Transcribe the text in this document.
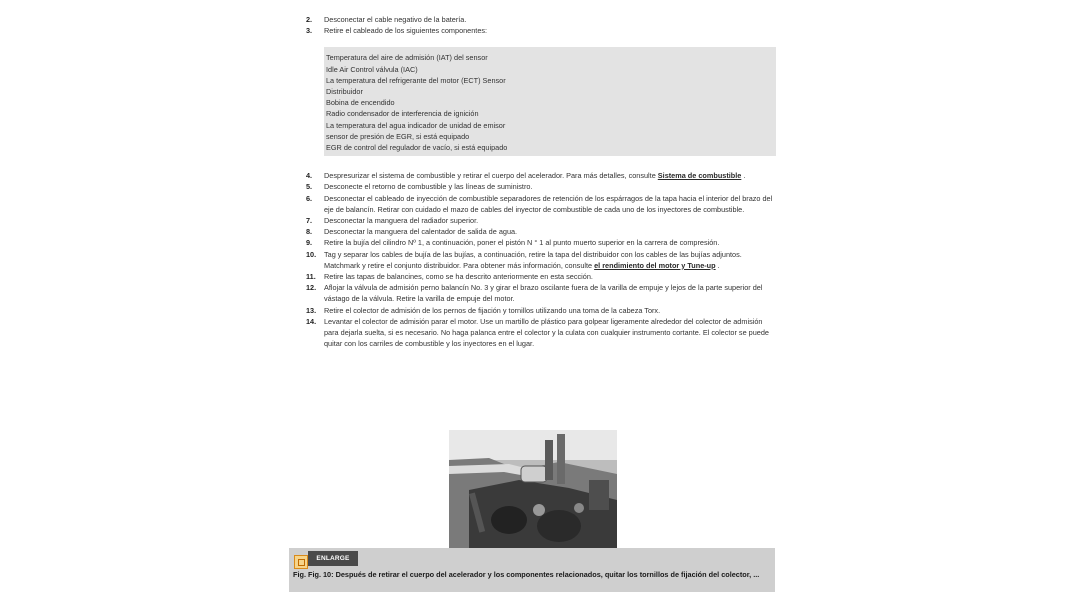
2.	Desconectar el cable negativo de la batería.
3.	Retire el cableado de los siguientes componentes:
Temperatura del aire de admisión (IAT) del sensor
Idle Air Control válvula (IAC)
La temperatura del refrigerante del motor (ECT) Sensor
Distribuidor
Bobina de encendido
Radio condensador de interferencia de ignición
La temperatura del agua indicador de unidad de emisor
sensor de presión de EGR, si está equipado
EGR de control del regulador de vacío, si está equipado
4.	Despresurizar el sistema de combustible y retirar el cuerpo del acelerador. Para más detalles, consulte Sistema de combustible .
5.	Desconecte el retorno de combustible y las líneas de suministro.
6.	Desconectar el cableado de inyección de combustible separadores de retención de los espárragos de la tapa hacia el interior del brazo del eje de balancín. Retirar con cuidado el mazo de cables del inyector de combustible de cada uno de los inyectores de combustible.
7.	Desconectar la manguera del radiador superior.
8.	Desconectar la manguera del calentador de salida de agua.
9.	Retire la bujía del cilindro Nº 1, a continuación, poner el pistón N ° 1 al punto muerto superior en la carrera de compresión.
10.	Tag y separar los cables de bujía de las bujías, a continuación, retire la tapa del distribuidor con los cables de las bujías adjuntos. Matchmark y retire el conjunto distribuidor. Para obtener más información, consulte el rendimiento del motor y Tune-up .
11.	Retire las tapas de balancines, como se ha descrito anteriormente en esta sección.
12.	Aflojar la válvula de admisión perno balancín No. 3 y girar el brazo oscilante fuera de la varilla de empuje y lejos de la parte superior del vástago de la válvula. Retire la varilla de empuje del motor.
13.	Retire el colector de admisión de los pernos de fijación y tornillos utilizando una toma de la cabeza Torx.
14.	Levantar el colector de admisión parar el motor. Use un martillo de plástico para golpear ligeramente alrededor del colector de admisión para dejarla suelta, si es necesario. No haga palanca entre el colector y la culata con cualquier instrumento cortante. El colector se puede quitar con los carriles de combustible y los inyectores en el lugar.
ENLARGE
Fig. Fig. 10: Después de retirar el cuerpo del acelerador y los componentes relacionados, quitar los tornillos de fijación del colector, ...
